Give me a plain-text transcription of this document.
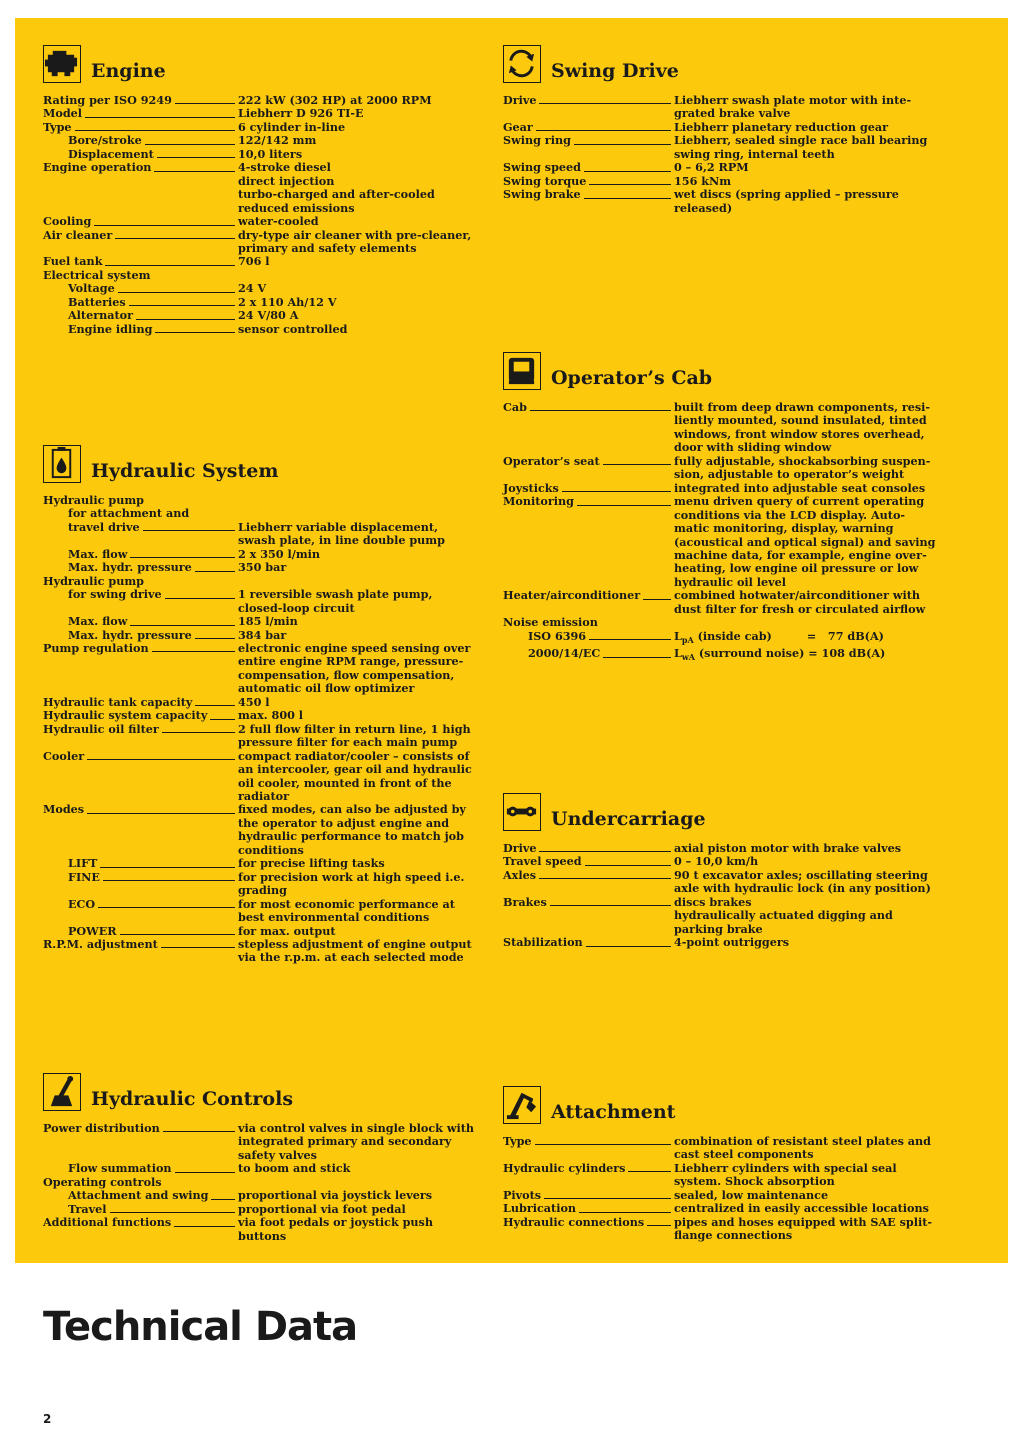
Engine
Rating per ISO 9249	222 kW (302 HP) at 2000 RPM
Model	Liebherr D 926 TI-E
Type	6 cylinder in-line
Bore/stroke	122/142 mm
Displacement	10,0 liters
Engine operation	4-stroke diesel
direct injection
turbo-charged and after-cooled
reduced emissions
Cooling	water-cooled
Air cleaner	dry-type air cleaner with pre-cleaner,
primary and safety elements
Fuel tank	706 l
Electrical system
Voltage	24 V
Batteries	2 x 110 Ah/12 V
Alternator	24 V/80 A
Engine idling	sensor controlled
Hydraulic System
Hydraulic pump
for attachment and
travel drive	Liebherr variable displacement,
swash plate, in line double pump
Max. flow	2 x 350 l/min
Max. hydr. pressure	350 bar
Hydraulic pump
for swing drive	1 reversible swash plate pump,
closed-loop circuit
Max. flow	185 l/min
Max. hydr. pressure	384 bar
Pump regulation	electronic engine speed sensing over
entire engine RPM range, pressure-
compensation, flow compensation,
automatic oil flow optimizer
Hydraulic tank capacity	450 l
Hydraulic system capacity	max. 800 l
Hydraulic oil filter	2 full flow filter in return line, 1 high
pressure filter for each main pump
Cooler	compact radiator/cooler – consists of
an intercooler, gear oil and hydraulic
oil cooler, mounted in front of the
radiator
Modes	fixed modes, can also be adjusted by
the operator to adjust engine and
hydraulic performance to match job
conditions
LIFT	for precise lifting tasks
FINE	for precision work at high speed i.e.
grading
ECO	for most economic performance at
best environmental conditions
POWER	for max. output
R.P.M. adjustment	stepless adjustment of engine output
via the r.p.m. at each selected mode
Hydraulic Controls
Power distribution	via control valves in single block with
integrated primary and secondary
safety valves
Flow summation	to boom and stick
Operating controls
Attachment and swing	proportional via joystick levers
Travel	proportional via foot pedal
Additional functions	via foot pedals or joystick push
buttons
Swing Drive
Drive	Liebherr swash plate motor with inte-
grated brake valve
Gear	Liebherr planetary reduction gear
Swing ring	Liebherr, sealed single race ball bearing
swing ring, internal teeth
Swing speed	0 – 6,2 RPM
Swing torque	156 kNm
Swing brake	wet discs (spring applied – pressure
released)
Operator’s Cab
Cab	built from deep drawn components, resi-
liently mounted, sound insulated, tinted
windows, front window stores overhead,
door with sliding window
Operator’s seat	fully adjustable, shockabsorbing suspen-
sion, adjustable to operator’s weight
Joysticks	integrated into adjustable seat consoles
Monitoring	menu driven query of current operating
conditions via the LCD display. Auto-
matic monitoring, display, warning
(acoustical and optical signal) and saving
machine data, for example, engine over-
heating, low engine oil pressure or low
hydraulic oil level
Heater/airconditioner	combined hotwater/airconditioner with
dust filter for fresh or circulated airflow
Noise emission
ISO 6396	$L_{pA}$ (inside cab)         =   77 dB(A)
2000/14/EC	$L_{wA}$ (surround noise) = 108 dB(A)
Undercarriage
Drive	axial piston motor with brake valves
Travel speed	0 – 10,0 km/h
Axles	90 t excavator axles; oscillating steering
axle with hydraulic lock (in any position)
Brakes	discs brakes
hydraulically actuated digging and
parking brake
Stabilization	4-point outriggers
Attachment
Type	combination of resistant steel plates and
cast steel components
Hydraulic cylinders	Liebherr cylinders with special seal
system. Shock absorption
Pivots	sealed, low maintenance
Lubrication	centralized in easily accessible locations
Hydraulic connections	pipes and hoses equipped with SAE split-
flange connections
Technical Data
2
